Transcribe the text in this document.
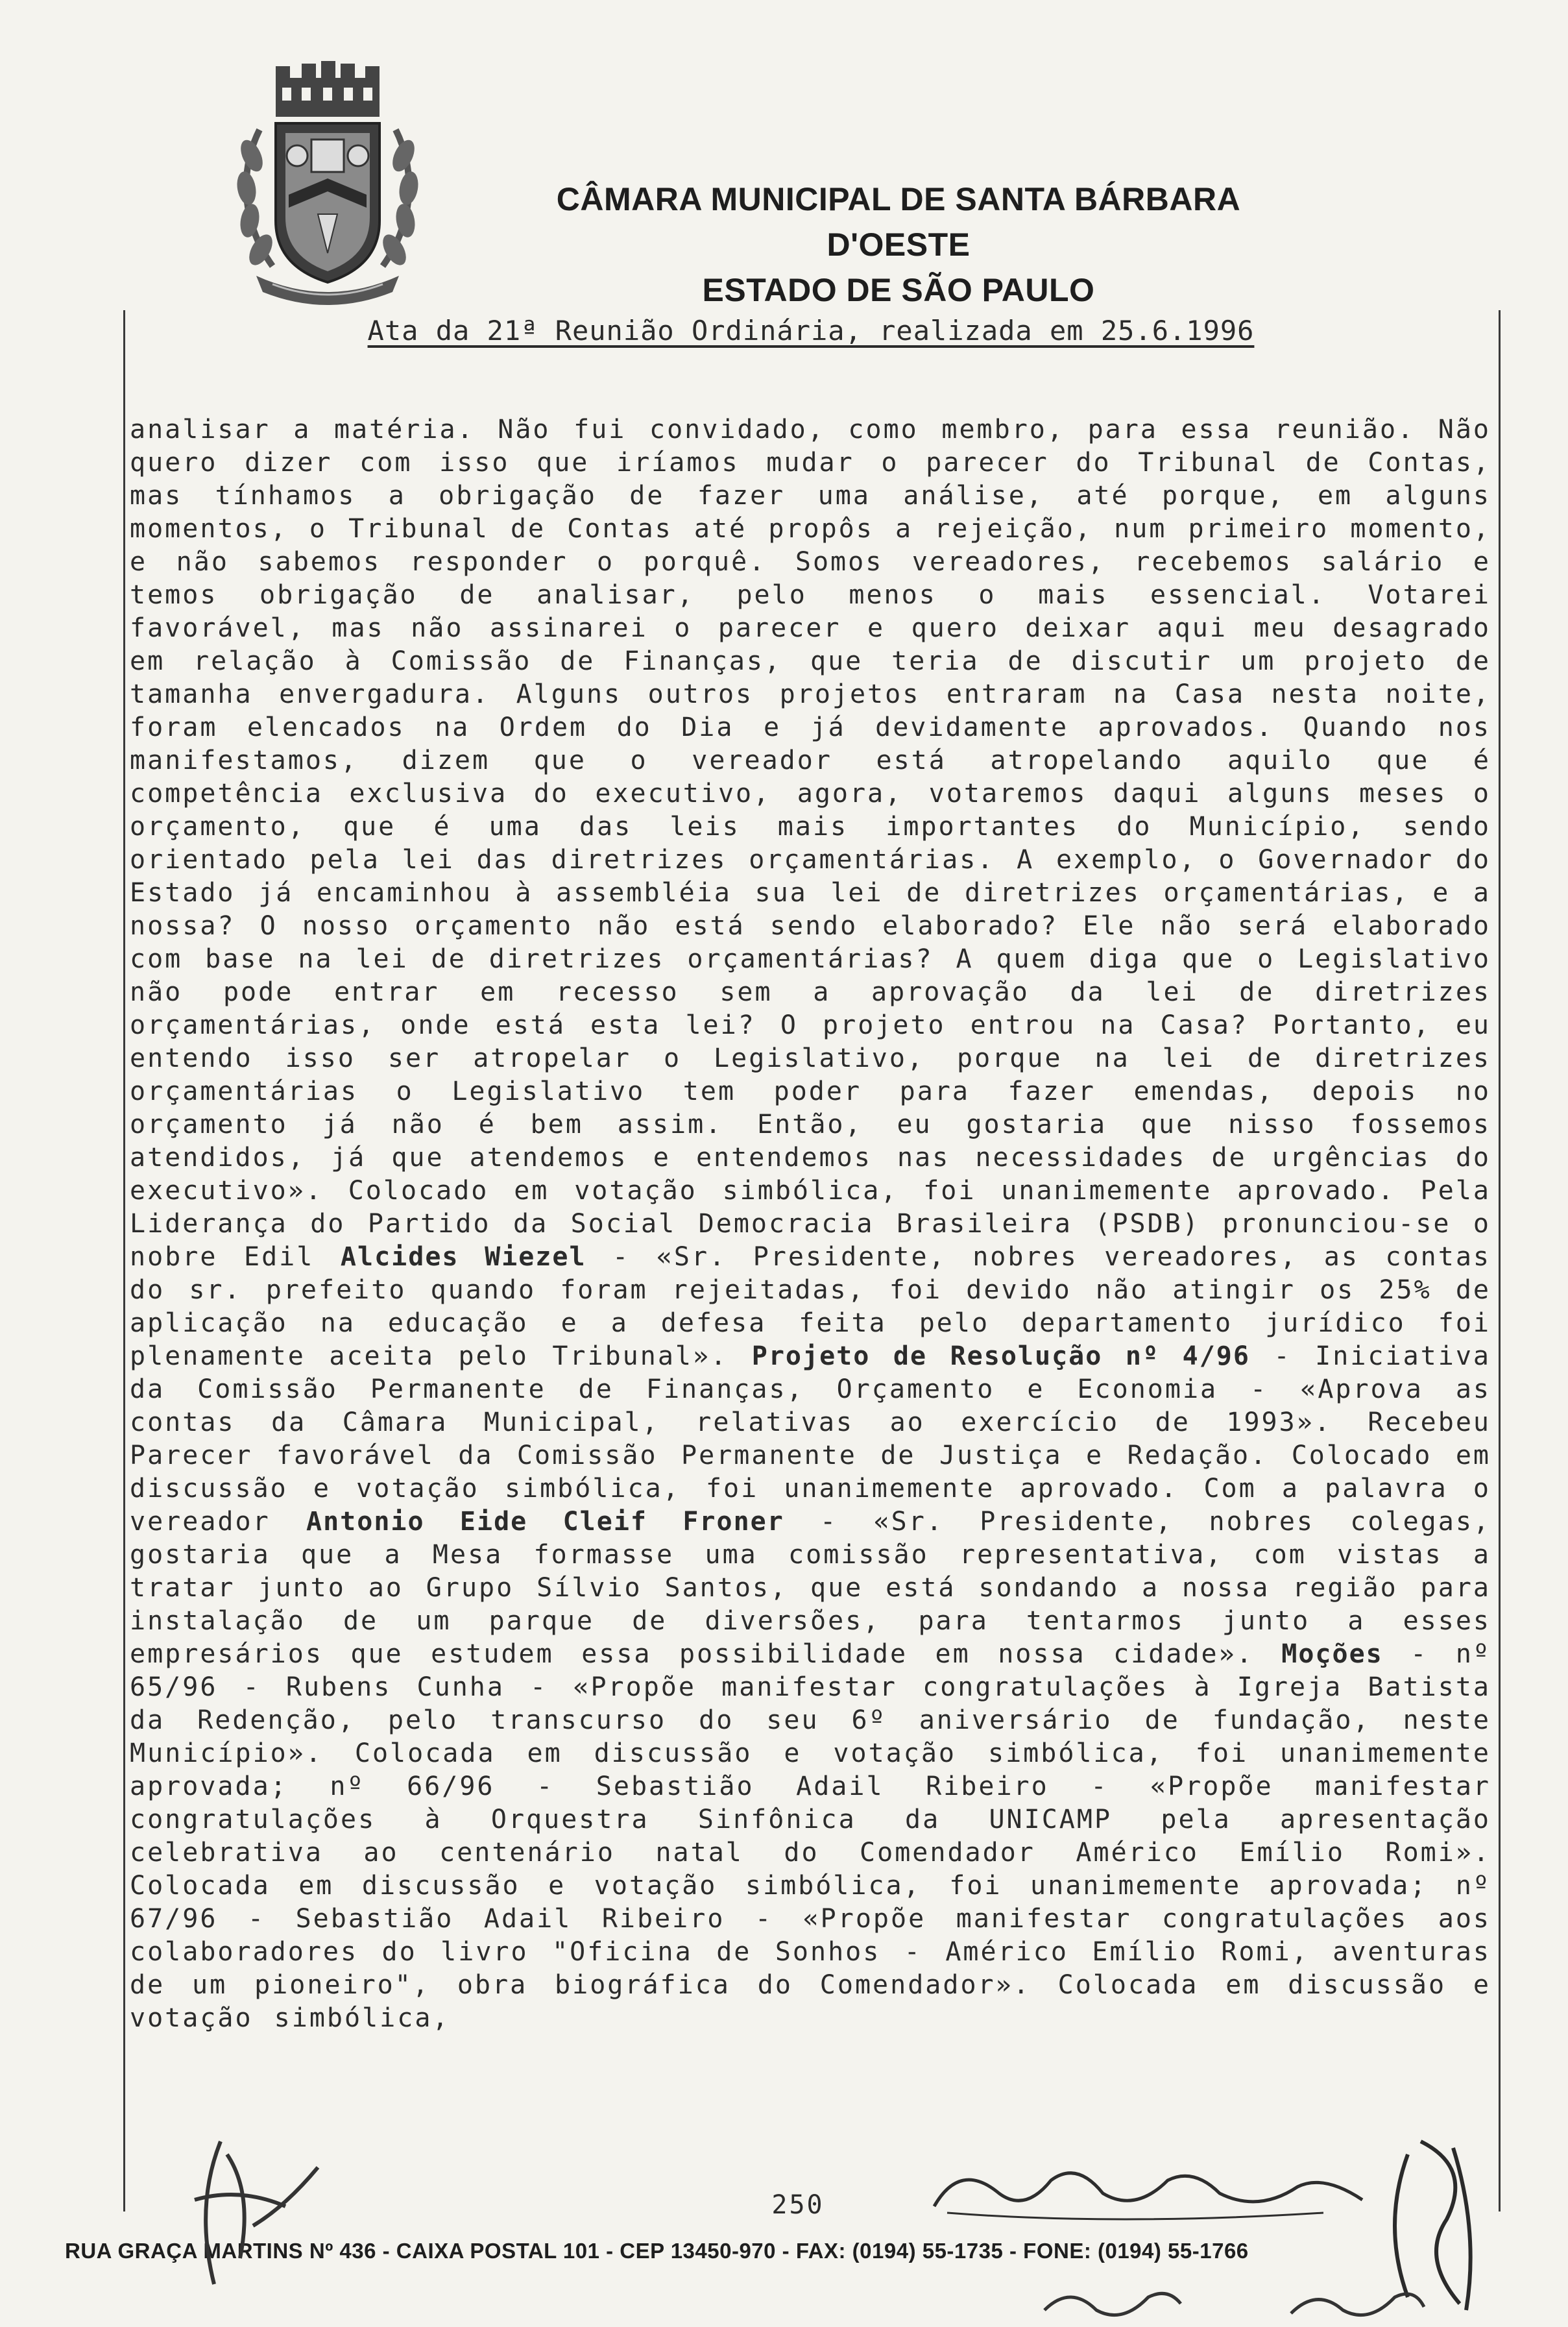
CÂMARA MUNICIPAL DE SANTA BÁRBARA D'OESTE
ESTADO DE SÃO PAULO
Ata da 21ª Reunião Ordinária, realizada em 25.6.1996
analisar a matéria. Não fui convidado, como membro, para essa reunião. Não quero dizer com isso que iríamos mudar o parecer do Tribunal de Contas, mas tínhamos a obrigação de fazer uma análise, até porque, em alguns momentos, o Tribunal de Contas até propôs a rejeição, num primeiro momento, e não sabemos responder o porquê. Somos vereadores, recebemos salário e temos obrigação de analisar, pelo menos o mais essencial. Votarei favorável, mas não assinarei o parecer e quero deixar aqui meu desagrado em relação à Comissão de Finanças, que teria de discutir um projeto de tamanha envergadura. Alguns outros projetos entraram na Casa nesta noite, foram elencados na Ordem do Dia e já devidamente aprovados. Quando nos manifestamos, dizem que o vereador está atropelando aquilo que é competência exclusiva do executivo, agora, votaremos daqui alguns meses o orçamento, que é uma das leis mais importantes do Município, sendo orientado pela lei das diretrizes orçamentárias. A exemplo, o Governador do Estado já encaminhou à assembléia sua lei de diretrizes orçamentárias, e a nossa? O nosso orçamento não está sendo elaborado? Ele não será elaborado com base na lei de diretrizes orçamentárias? A quem diga que o Legislativo não pode entrar em recesso sem a aprovação da lei de diretrizes orçamentárias, onde está esta lei? O projeto entrou na Casa? Portanto, eu entendo isso ser atropelar o Legislativo, porque na lei de diretrizes orçamentárias o Legislativo tem poder para fazer emendas, depois no orçamento já não é bem assim. Então, eu gostaria que nisso fossemos atendidos, já que atendemos e entendemos nas necessidades de urgências do executivo». Colocado em votação simbólica, foi unanimemente aprovado. Pela Liderança do Partido da Social Democracia Brasileira (PSDB) pronunciou-se o nobre Edil Alcides Wiezel - «Sr. Presidente, nobres vereadores, as contas do sr. prefeito quando foram rejeitadas, foi devido não atingir os 25% de aplicação na educação e a defesa feita pelo departamento jurídico foi plenamente aceita pelo Tribunal». Projeto de Resolução nº 4/96 - Iniciativa da Comissão Permanente de Finanças, Orçamento e Economia - «Aprova as contas da Câmara Municipal, relativas ao exercício de 1993». Recebeu Parecer favorável da Comissão Permanente de Justiça e Redação. Colocado em discussão e votação simbólica, foi unanimemente aprovado. Com a palavra o vereador Antonio Eide Cleif Froner - «Sr. Presidente, nobres colegas, gostaria que a Mesa formasse uma comissão representativa, com vistas a tratar junto ao Grupo Sílvio Santos, que está sondando a nossa região para instalação de um parque de diversões, para tentarmos junto a esses empresários que estudem essa possibilidade em nossa cidade». Moções - nº 65/96 - Rubens Cunha - «Propõe manifestar congratulações à Igreja Batista da Redenção, pelo transcurso do seu 6º aniversário de fundação, neste Município». Colocada em discussão e votação simbólica, foi unanimemente aprovada; nº 66/96 - Sebastião Adail Ribeiro - «Propõe manifestar congratulações à Orquestra Sinfônica da UNICAMP pela apresentação celebrativa ao centenário natal do Comendador Américo Emílio Romi». Colocada em discussão e votação simbólica, foi unanimemente aprovada; nº 67/96 - Sebastião Adail Ribeiro - «Propõe manifestar congratulações aos colaboradores do livro "Oficina de Sonhos - Américo Emílio Romi, aventuras de um pioneiro", obra biográfica do Comendador». Colocada em discussão e votação simbólica,
250
RUA GRAÇA MARTINS Nº 436 - CAIXA POSTAL 101 - CEP 13450-970 - FAX: (0194) 55-1735 - FONE: (0194) 55-1766
